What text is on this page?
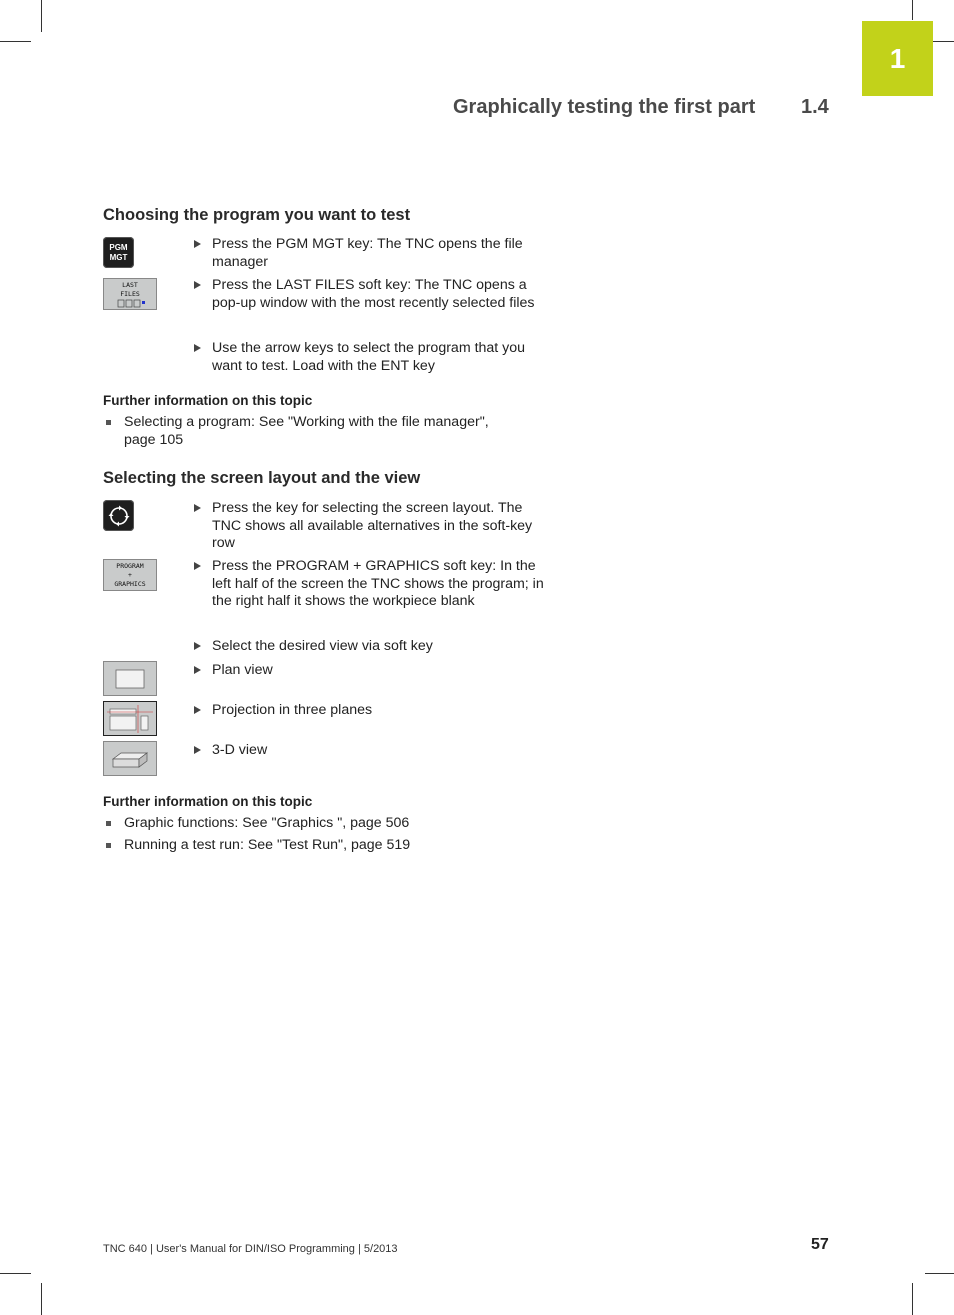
1
Graphically testing the first part 1.4
Choosing the program you want to test
PGM
MGT
LAST
FILES
Press the PGM MGT key: The TNC opens the file manager
Press the LAST FILES soft key: The TNC opens a pop-up window with the most recently selected files
Use the arrow keys to select the program that you want to test. Load with the ENT key
Further information on this topic
Selecting a program: See "Working with the file manager", page 105
Selecting the screen layout and the view
PROGRAM
+
GRAPHICS
Press the key for selecting the screen layout. The TNC shows all available alternatives in the soft-key row
Press the PROGRAM + GRAPHICS soft key: In the left half of the screen the TNC shows the program; in the right half it shows the workpiece blank
Select the desired view via soft key
Plan view
Projection in three planes
3-D view
Further information on this topic
Graphic functions: See "Graphics ", page 506
Running a test run: See "Test Run", page 519
TNC 640 | User's Manual for DIN/ISO Programming | 5/2013	57
